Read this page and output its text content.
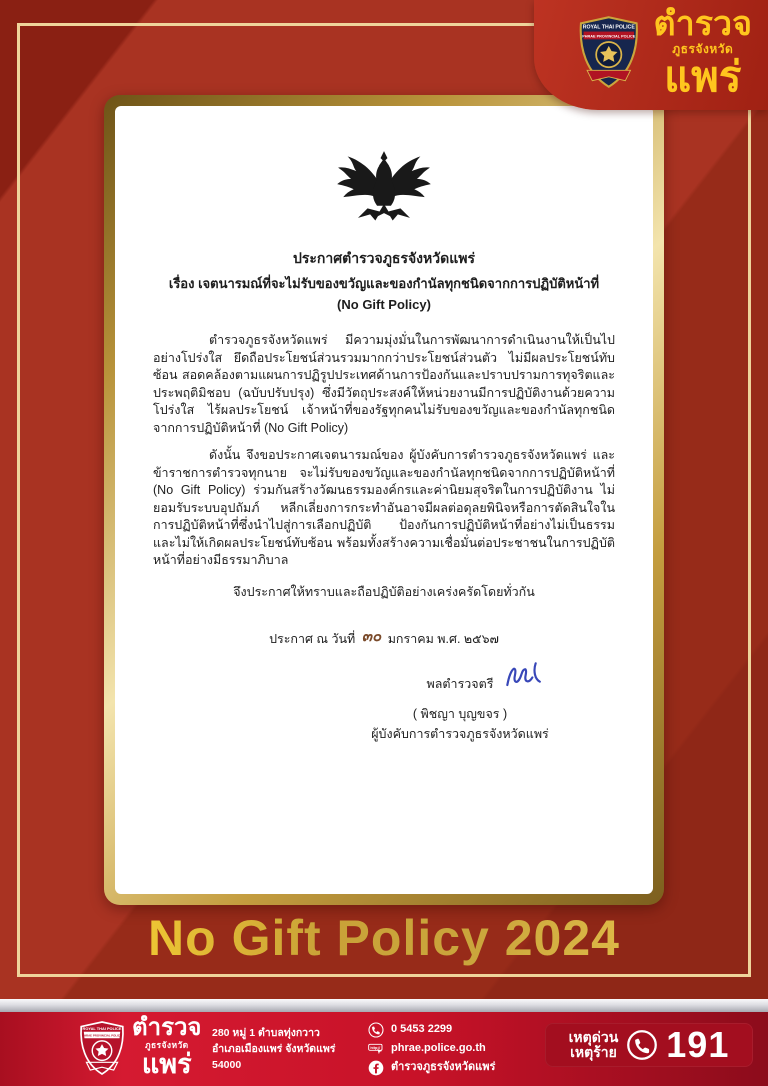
ROYAL THAI POLICE
PHRAE PROVINCIAL POLICE ตำรวจ
ภูธรจังหวัด
แพร่
ประกาศตำรวจภูธรจังหวัดแพร่
เรื่อง เจตนารมณ์ที่จะไม่รับของขวัญและของกำนัลทุกชนิดจากการปฏิบัติหน้าที่
(No Gift Policy)

ตำรวจภูธรจังหวัดแพร่ มีความมุ่งมั่นในการพัฒนาการดำเนินงานให้เป็นไปอย่างโปร่งใส ยึดถือประโยชน์ส่วนรวมมากกว่าประโยชน์ส่วนตัว ไม่มีผลประโยชน์ทับซ้อน สอดคล้องตามแผนการปฏิรูปประเทศด้านการป้องกันและปราบปรามการทุจริตและประพฤติมิชอบ (ฉบับปรับปรุง) ซึ่งมีวัตถุประสงค์ให้หน่วยงานมีการปฏิบัติงานด้วยความโปร่งใส ไร้ผลประโยชน์ เจ้าหน้าที่ของรัฐทุกคนไม่รับของขวัญและของกำนัลทุกชนิดจากการปฏิบัติหน้าที่ (No Gift Policy)

ดังนั้น จึงขอประกาศเจตนารมณ์ของ ผู้บังคับการตำรวจภูธรจังหวัดแพร่ และข้าราชการตำรวจทุกนาย จะไม่รับของขวัญและของกำนัลทุกชนิดจากการปฏิบัติหน้าที่ (No Gift Policy) ร่วมกันสร้างวัฒนธรรมองค์กรและค่านิยมสุจริตในการปฏิบัติงาน ไม่ยอมรับระบบอุปถัมภ์ หลีกเลี่ยงการกระทำอันอาจมีผลต่อดุลยพินิจหรือการตัดสินใจในการปฏิบัติหน้าที่ซึ่งนำไปสู่การเลือกปฏิบัติ ป้องกันการปฏิบัติหน้าที่อย่างไม่เป็นธรรม และไม่ให้เกิดผลประโยชน์ทับซ้อน พร้อมทั้งสร้างความเชื่อมั่นต่อประชาชนในการปฏิบัติหน้าที่อย่างมีธรรมาภิบาล

จึงประกาศให้ทราบและถือปฏิบัติอย่างเคร่งครัดโดยทั่วกัน
ประกาศ ณ วันที่ ๓๐ มกราคม พ.ศ. ๒๕๖๗
พลตำรวจตรี
( พิชญา บุญขจร )
ผู้บังคับการตำรวจภูธรจังหวัดแพร่
No Gift Policy 2024
ROYAL THAI POLICE
PHRAE PROVINCIAL POLICE ตำรวจ
ภูธรจังหวัด
แพร่
280 หมู่ 1 ตำบลทุ่งกวาว
อำเภอเมืองแพร่ จังหวัดแพร่
54000
0 5453 2299
http:// phrae.police.go.th
ตำรวจภูธรจังหวัดแพร่
เหตุด่วน
เหตุร้าย 191
